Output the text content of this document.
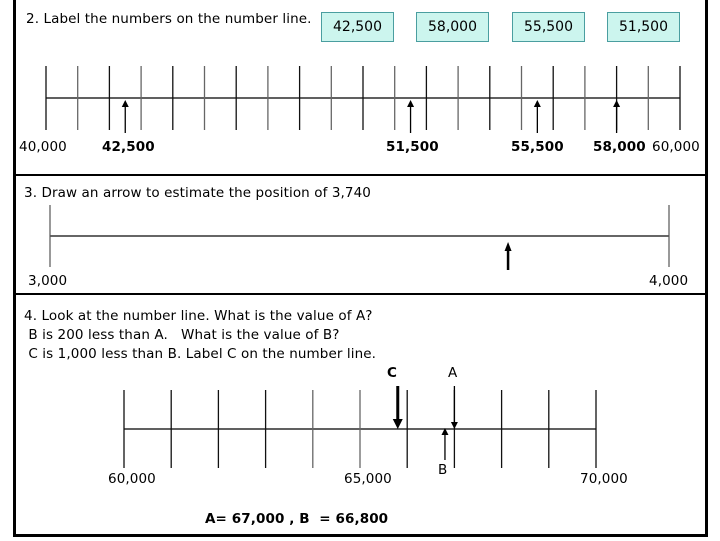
2. Label the numbers on the number line.	42,500	58,000	55,500	51,500
40,000	60,000
42,500	51,500	55,500 58,000
3. Draw an arrow to estimate the position of 3,740
3,000	4,000
4. Look at the number line. What is the value of A?
B is 200 less than A.   What is the value of B?
C is 1,000 less than B. Label C on the number line.
C	A
B
60,000	65,000	70,000
A= 67,000 , B  = 66,800
